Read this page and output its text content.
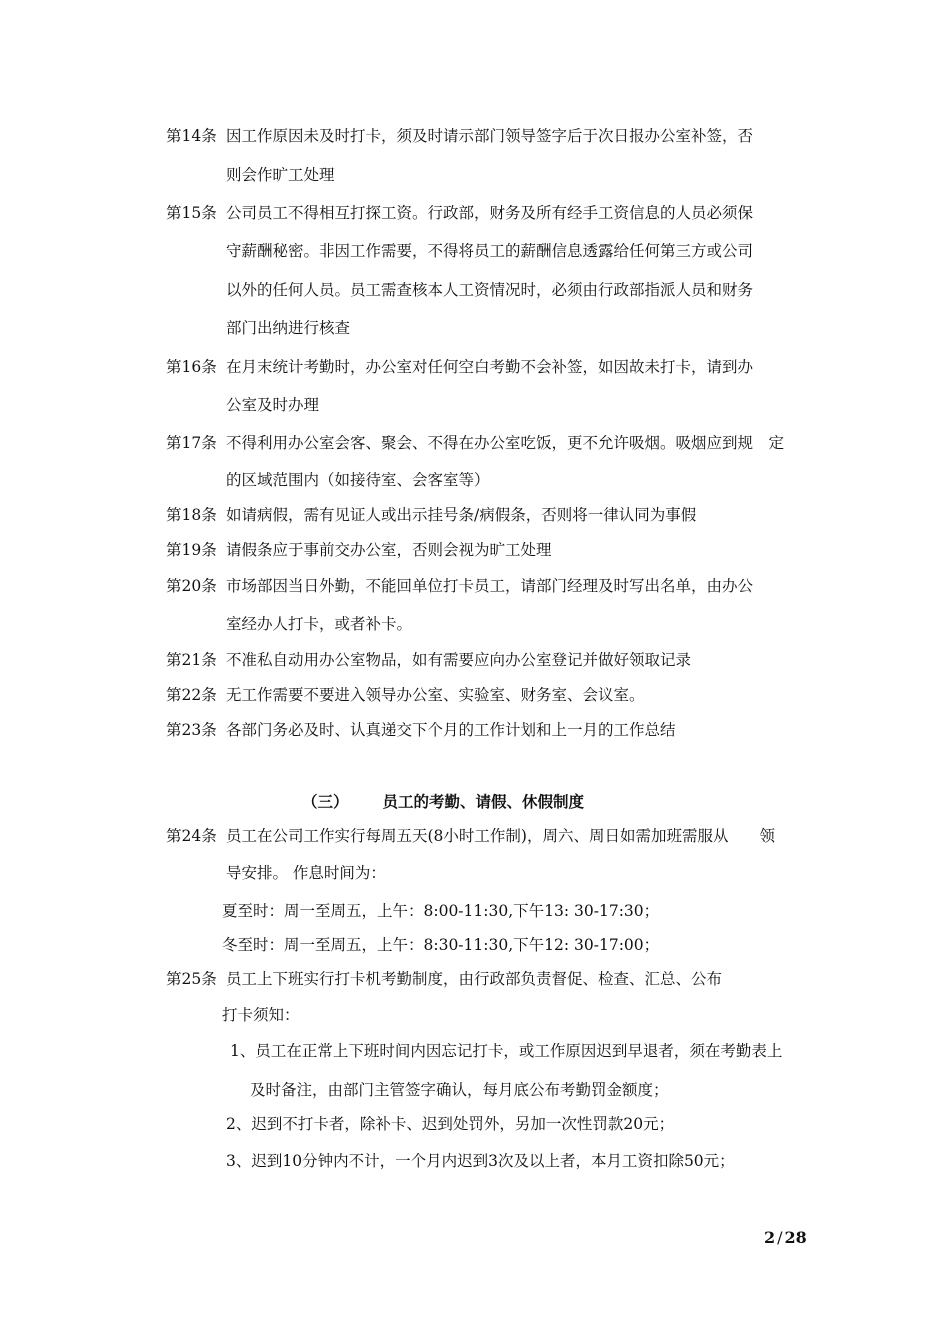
第14条 因工作原因未及时打卡，须及时请示部门领导签字后于次日报办公室补签，否
则会作旷工处理
第15条 公司员工不得相互打探工资。行政部，财务及所有经手工资信息的人员必须保
守薪酬秘密。非因工作需要，不得将员工的薪酬信息透露给任何第三方或公司
以外的任何人员。员工需查核本人工资情况时，必须由行政部指派人员和财务
部门出纳进行核查
第16条 在月末统计考勤时，办公室对任何空白考勤不会补签，如因故未打卡，请到办
公室及时办理
第17条 不得利用办公室会客、聚会、不得在办公室吃饭，更不允许吸烟。吸烟应到规　定
的区域范围内（如接待室、会客室等）
第18条 如请病假，需有见证人或出示挂号条/病假条，否则将一律认同为事假
第19条 请假条应于事前交办公室，否则会视为旷工处理
第20条 市场部因当日外勤，不能回单位打卡员工，请部门经理及时写出名单，由办公
室经办人打卡，或者补卡。
第21条 不准私自动用办公室物品，如有需要应向办公室登记并做好领取记录
第22条 无工作需要不要进入领导办公室、实验室、财务室、会议室。
第23条 各部门务必及时、认真递交下个月的工作计划和上一月的工作总结
（三） 员工的考勤、请假、休假制度
第24条 员工在公司工作实行每周五天(8小时工作制)，周六、周日如需加班需服从　　领
导安排。 作息时间为：
夏至时：周一至周五，上午：8:00-11:30,下午13: 30-17:30；
冬至时：周一至周五，上午：8:30-11:30,下午12: 30-17:00；
第25条 员工上下班实行打卡机考勤制度，由行政部负责督促、检查、汇总、公布
打卡须知：
1、员工在正常上下班时间内因忘记打卡，或工作原因迟到早退者，须在考勤表上
及时备注，由部门主管签字确认，每月底公布考勤罚金额度；
2、迟到不打卡者，除补卡、迟到处罚外，另加一次性罚款20元；
3、迟到10分钟内不计，一个月内迟到3次及以上者，本月工资扣除50元；
2 / 28
